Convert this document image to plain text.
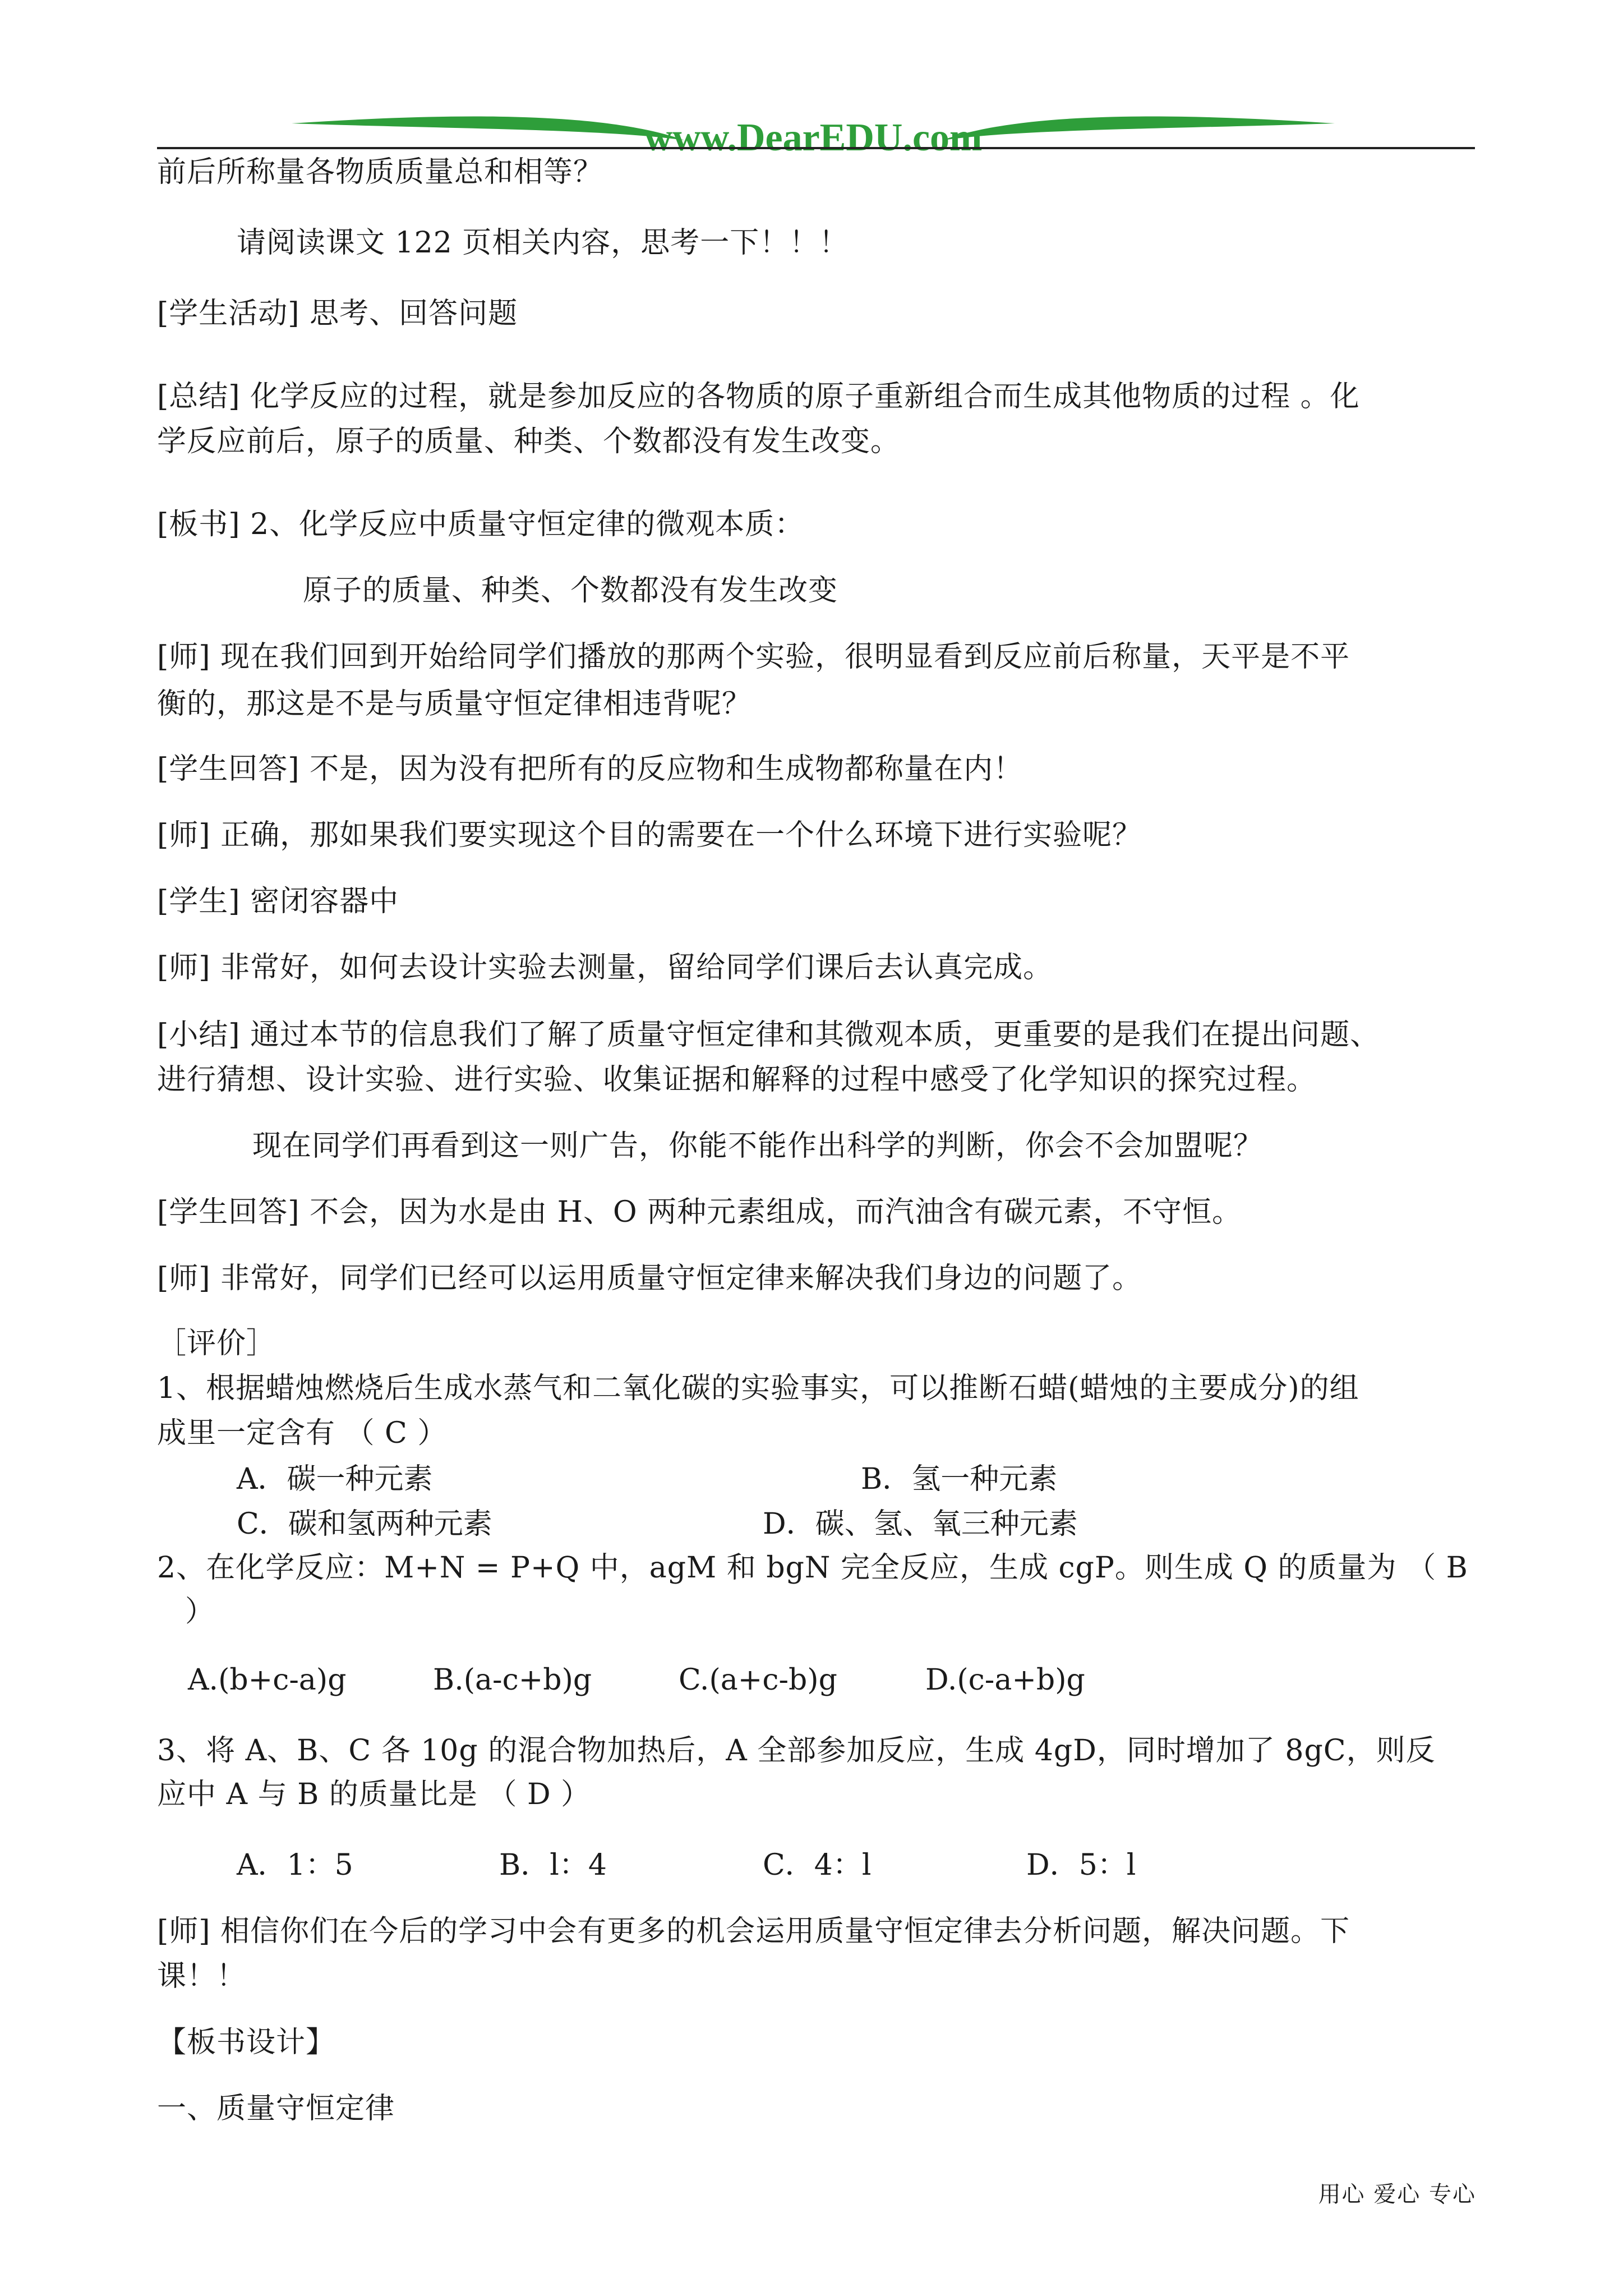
www.DearEDU.com
前后所称量各物质质量总和相等？
请阅读课文 122 页相关内容，思考一下！！！
[学生活动] 思考、回答问题
[总结] 化学反应的过程，就是参加反应的各物质的原子重新组合而生成其他物质的过程 。化
学反应前后，原子的质量、种类、个数都没有发生改变。
[板书] 2、化学反应中质量守恒定律的微观本质：
原子的质量、种类、个数都没有发生改变
[师] 现在我们回到开始给同学们播放的那两个实验，很明显看到反应前后称量，天平是不平
衡的，那这是不是与质量守恒定律相违背呢？
[学生回答] 不是，因为没有把所有的反应物和生成物都称量在内！
[师] 正确，那如果我们要实现这个目的需要在一个什么环境下进行实验呢？
[学生] 密闭容器中
[师] 非常好，如何去设计实验去测量，留给同学们课后去认真完成。
[小结] 通过本节的信息我们了解了质量守恒定律和其微观本质，更重要的是我们在提出问题、
进行猜想、设计实验、进行实验、收集证据和解释的过程中感受了化学知识的探究过程。
现在同学们再看到这一则广告，你能不能作出科学的判断，你会不会加盟呢？
[学生回答] 不会，因为水是由 H、O 两种元素组成，而汽油含有碳元素，不守恒。
[师] 非常好，同学们已经可以运用质量守恒定律来解决我们身边的问题了。
［评价］
1、根据蜡烛燃烧后生成水蒸气和二氧化碳的实验事实，可以推断石蜡(蜡烛的主要成分)的组
成里一定含有 （ C ）
A．碳一种元素	B．氢一种元素
C．碳和氢两种元素	D．碳、氢、氧三种元素
2、在化学反应：M+N = P+Q 中，agM 和 bgN 完全反应，生成 cgP。则生成 Q 的质量为 （ B
）
A.(b+c-a)g	B.(a-c+b)g	C.(a+c-b)g	D.(c-a+b)g
3、将 A、B、C 各 10g 的混合物加热后，A 全部参加反应，生成 4gD，同时增加了 8gC，则反
应中 A 与 B 的质量比是 （ D ）
A．1：5	B．l：4	C．4：l	D．5：l
[师] 相信你们在今后的学习中会有更多的机会运用质量守恒定律去分析问题，解决问题。下
课！！
【板书设计】
一、质量守恒定律
用心 爱心 专心
